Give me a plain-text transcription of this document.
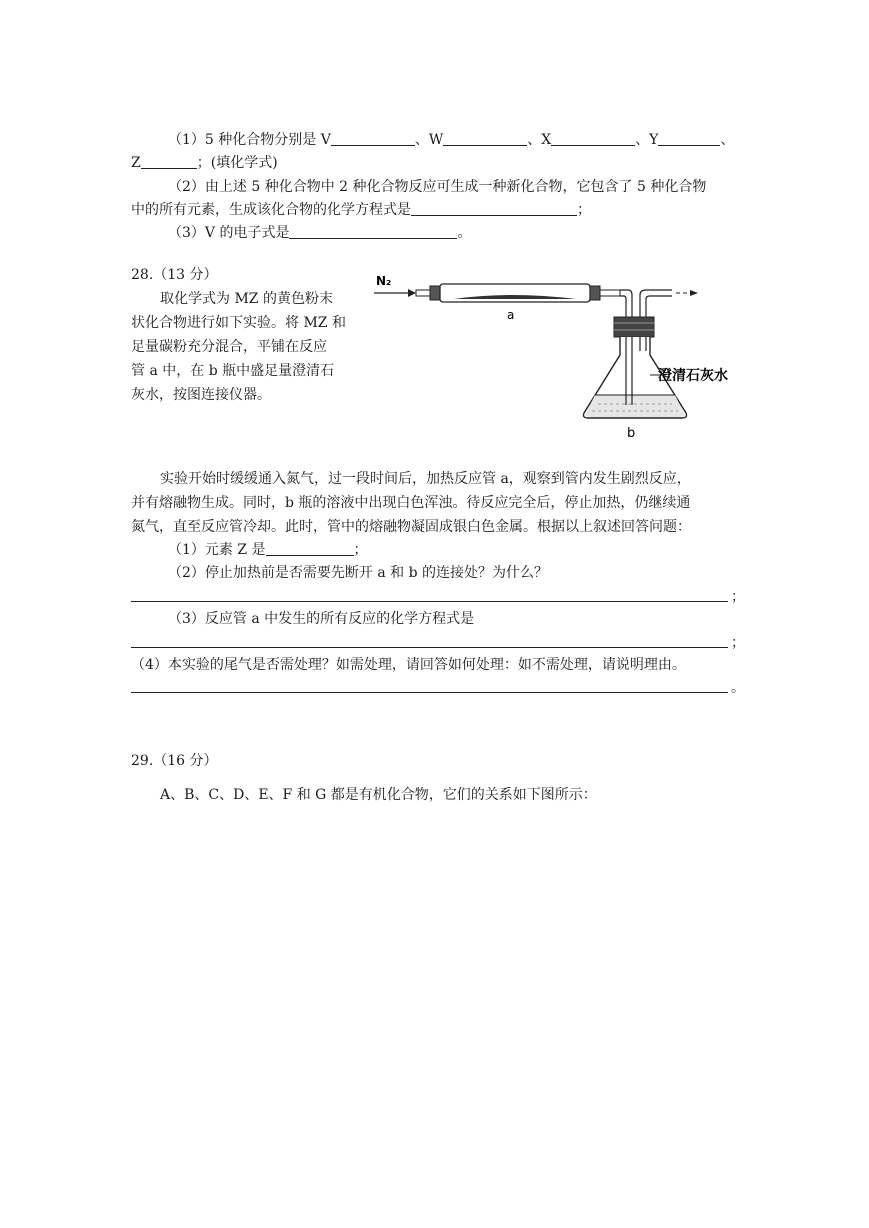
（1）5 种化合物分别是 V	、W	、X	、Y	、
Z	；(填化学式)
（2）由上述 5 种化合物中 2 种化合物反应可生成一种新化合物，它包含了 5 种化合物
中的所有元素，生成该化合物的化学方程式是	；
（3）V 的电子式是	。
28.（13 分）
取化学式为 MZ 的黄色粉末
状化合物进行如下实验。将 MZ 和
足量碳粉充分混合，平铺在反应
管 a 中，在 b 瓶中盛足量澄清石
灰水，按图连接仪器。
N₂
a
澄清石灰水
b
实验开始时缓缓通入氮气，过一段时间后，加热反应管 a，观察到管内发生剧烈反应，
并有熔融物生成。同时，b 瓶的溶液中出现白色浑浊。待反应完全后，停止加热，仍继续通
氮气，直至反应管冷却。此时，管中的熔融物凝固成银白色金属。根据以上叙述回答问题：
（1）元素 Z 是	；
（2）停止加热前是否需要先断开 a 和 b 的连接处？为什么？
；
（3）反应管 a 中发生的所有反应的化学方程式是
；
（4）本实验的尾气是否需处理？如需处理，请回答如何处理：如不需处理，请说明理由。
。
29.（16 分）
A、B、C、D、E、F 和 G 都是有机化合物，它们的关系如下图所示：
